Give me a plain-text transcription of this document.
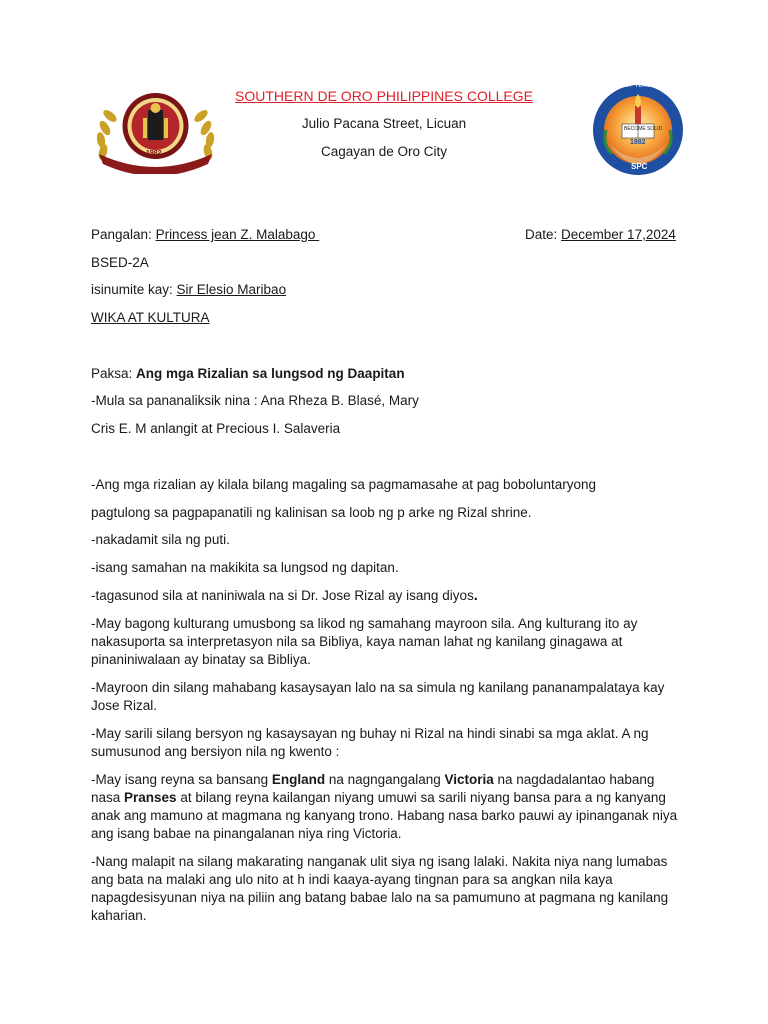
1982
BECOME SOLID
1982
SPC
COLLEGE OF TEACHER EDUCATION
SOUTHERN DE ORO PHILIPPINES COLLEGE
Julio Pacana Street, Licuan
Cagayan de Oro City
Pangalan: Princess jean Z. Malabago	Date: December 17,2024
BSED-2A
isinumite kay: Sir Elesio Maribao
WIKA AT KULTURA
Paksa: Ang mga Rizalian sa lungsod ng Daapitan
-Mula sa pananaliksik nina : Ana Rheza B. Blasé, Mary
Cris E. M anlangit at Precious I. Salaveria
-Ang mga rizalian ay kilala bilang magaling sa pagmamasahe at pag boboluntaryong
pagtulong sa pagpapanatili ng kalinisan sa loob ng p arke ng Rizal shrine.
-nakadamit sila ng puti.
-isang samahan na makikita sa lungsod ng dapitan.
-tagasunod sila at naniniwala na si Dr. Jose Rizal ay isang diyos.
-May bagong kulturang umusbong sa likod ng samahang mayroon sila. Ang kulturang ito ay nakasuporta sa interpretasyon nila sa Bibliya, kaya naman lahat ng kanilang ginagawa at pinaniniwalaan ay binatay sa Bibliya.
-Mayroon din silang mahabang kasaysayan lalo na sa simula ng kanilang pananampalataya kay Jose Rizal.
-May sarili silang bersyon ng kasaysayan ng buhay ni Rizal na hindi sinabi sa mga aklat. A ng sumusunod ang bersiyon nila ng kwento :
-May isang reyna sa bansang England na nagngangalang Victoria na nagdadalantao habang nasa Pranses at bilang reyna kailangan niyang umuwi sa sarili niyang bansa para a ng kanyang anak ang mamuno at magmana ng kanyang trono. Habang nasa barko pauwi ay ipinanganak niya ang isang babae na pinangalanan niya ring Victoria.
-Nang malapit na silang makarating nanganak ulit siya ng isang lalaki. Nakita niya nang lumabas ang bata na malaki ang ulo nito at h indi kaaya-ayang tingnan para sa angkan nila kaya napagdesisyunan niya na piliin ang batang babae lalo na sa pamumuno at pagmana ng kanilang kaharian.
